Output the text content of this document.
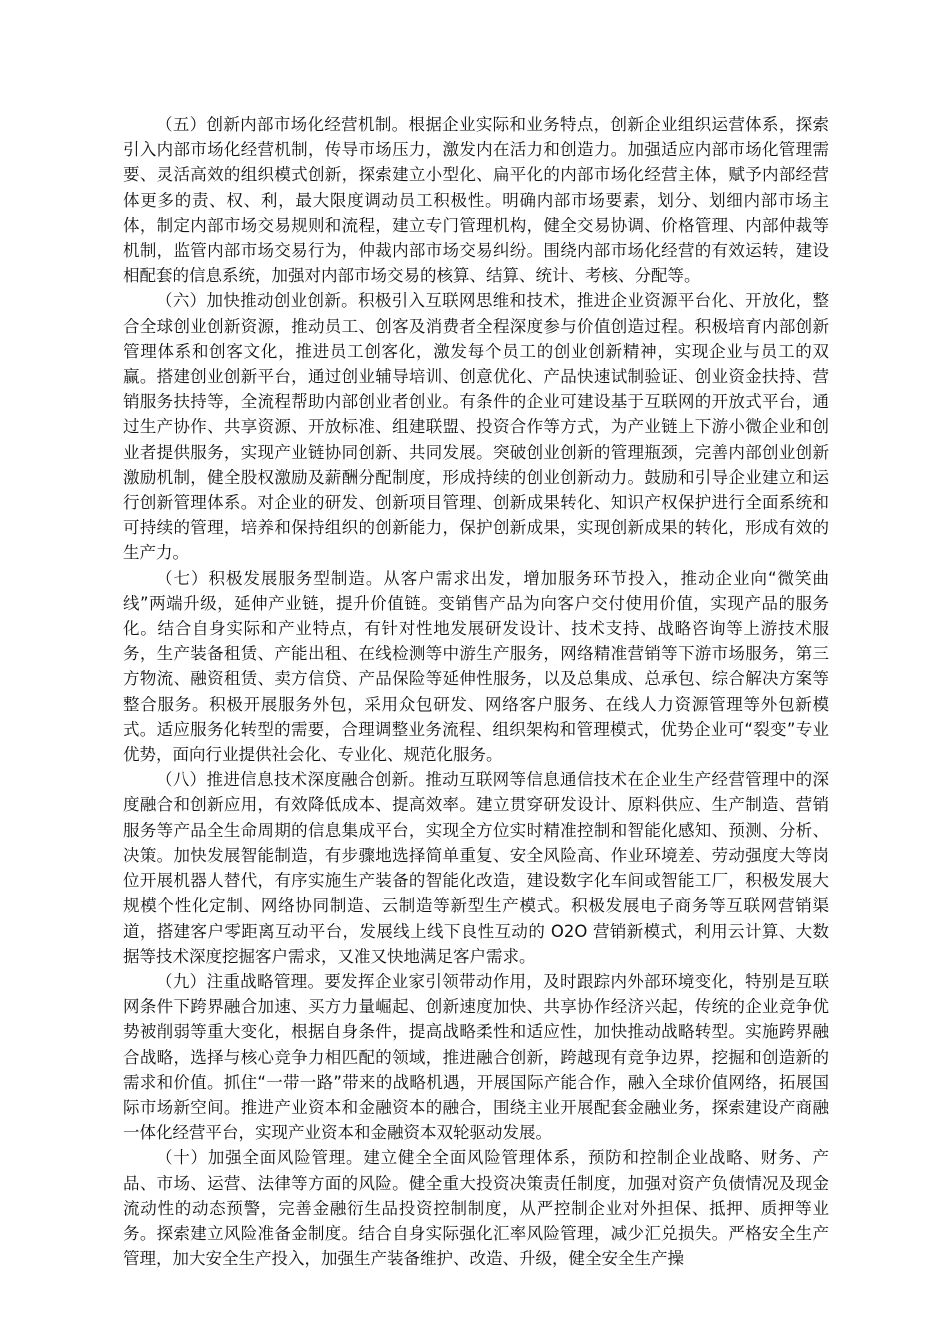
（五）创新内部市场化经营机制。根据企业实际和业务特点，创新企业组织运营体系，探索引入内部市场化经营机制，传导市场压力，激发内在活力和创造力。加强适应内部市场化管理需要、灵活高效的组织模式创新，探索建立小型化、扁平化的内部市场化经营主体，赋予内部经营体更多的责、权、利，最大限度调动员工积极性。明确内部市场要素，划分、划细内部市场主体，制定内部市场交易规则和流程，建立专门管理机构，健全交易协调、价格管理、内部仲裁等机制，监管内部市场交易行为，仲裁内部市场交易纠纷。围绕内部市场化经营的有效运转，建设相配套的信息系统，加强对内部市场交易的核算、结算、统计、考核、分配等。

（六）加快推动创业创新。积极引入互联网思维和技术，推进企业资源平台化、开放化，整合全球创业创新资源，推动员工、创客及消费者全程深度参与价值创造过程。积极培育内部创新管理体系和创客文化，推进员工创客化，激发每个员工的创业创新精神，实现企业与员工的双赢。搭建创业创新平台，通过创业辅导培训、创意优化、产品快速试制验证、创业资金扶持、营销服务扶持等，全流程帮助内部创业者创业。有条件的企业可建设基于互联网的开放式平台，通过生产协作、共享资源、开放标准、组建联盟、投资合作等方式，为产业链上下游小微企业和创业者提供服务，实现产业链协同创新、共同发展。突破创业创新的管理瓶颈，完善内部创业创新激励机制，健全股权激励及薪酬分配制度，形成持续的创业创新动力。鼓励和引导企业建立和运行创新管理体系。对企业的研发、创新项目管理、创新成果转化、知识产权保护进行全面系统和可持续的管理，培养和保持组织的创新能力，保护创新成果，实现创新成果的转化，形成有效的生产力。

（七）积极发展服务型制造。从客户需求出发，增加服务环节投入，推动企业向“微笑曲线”两端升级，延伸产业链，提升价值链。变销售产品为向客户交付使用价值，实现产品的服务化。结合自身实际和产业特点，有针对性地发展研发设计、技术支持、战略咨询等上游技术服务，生产装备租赁、产能出租、在线检测等中游生产服务，网络精准营销等下游市场服务，第三方物流、融资租赁、卖方信贷、产品保险等延伸性服务，以及总集成、总承包、综合解决方案等整合服务。积极开展服务外包，采用众包研发、网络客户服务、在线人力资源管理等外包新模式。适应服务化转型的需要，合理调整业务流程、组织架构和管理模式，优势企业可“裂变”专业优势，面向行业提供社会化、专业化、规范化服务。

（八）推进信息技术深度融合创新。推动互联网等信息通信技术在企业生产经营管理中的深度融合和创新应用，有效降低成本、提高效率。建立贯穿研发设计、原料供应、生产制造、营销服务等产品全生命周期的信息集成平台，实现全方位实时精准控制和智能化感知、预测、分析、决策。加快发展智能制造，有步骤地选择简单重复、安全风险高、作业环境差、劳动强度大等岗位开展机器人替代，有序实施生产装备的智能化改造，建设数字化车间或智能工厂，积极发展大规模个性化定制、网络协同制造、云制造等新型生产模式。积极发展电子商务等互联网营销渠道，搭建客户零距离互动平台，发展线上线下良性互动的 O2O 营销新模式，利用云计算、大数据等技术深度挖掘客户需求，又准又快地满足客户需求。

（九）注重战略管理。要发挥企业家引领带动作用，及时跟踪内外部环境变化，特别是互联网条件下跨界融合加速、买方力量崛起、创新速度加快、共享协作经济兴起，传统的企业竞争优势被削弱等重大变化，根据自身条件，提高战略柔性和适应性，加快推动战略转型。实施跨界融合战略，选择与核心竞争力相匹配的领域，推进融合创新，跨越现有竞争边界，挖掘和创造新的需求和价值。抓住“一带一路”带来的战略机遇，开展国际产能合作，融入全球价值网络，拓展国际市场新空间。推进产业资本和金融资本的融合，围绕主业开展配套金融业务，探索建设产商融一体化经营平台，实现产业资本和金融资本双轮驱动发展。

（十）加强全面风险管理。建立健全全面风险管理体系，预防和控制企业战略、财务、产品、市场、运营、法律等方面的风险。健全重大投资决策责任制度，加强对资产负债情况及现金流动性的动态预警，完善金融衍生品投资控制制度，从严控制企业对外担保、抵押、质押等业务。探索建立风险准备金制度。结合自身实际强化汇率风险管理，减少汇兑损失。严格安全生产管理，加大安全生产投入，加强生产装备维护、改造、升级，健全安全生产操
